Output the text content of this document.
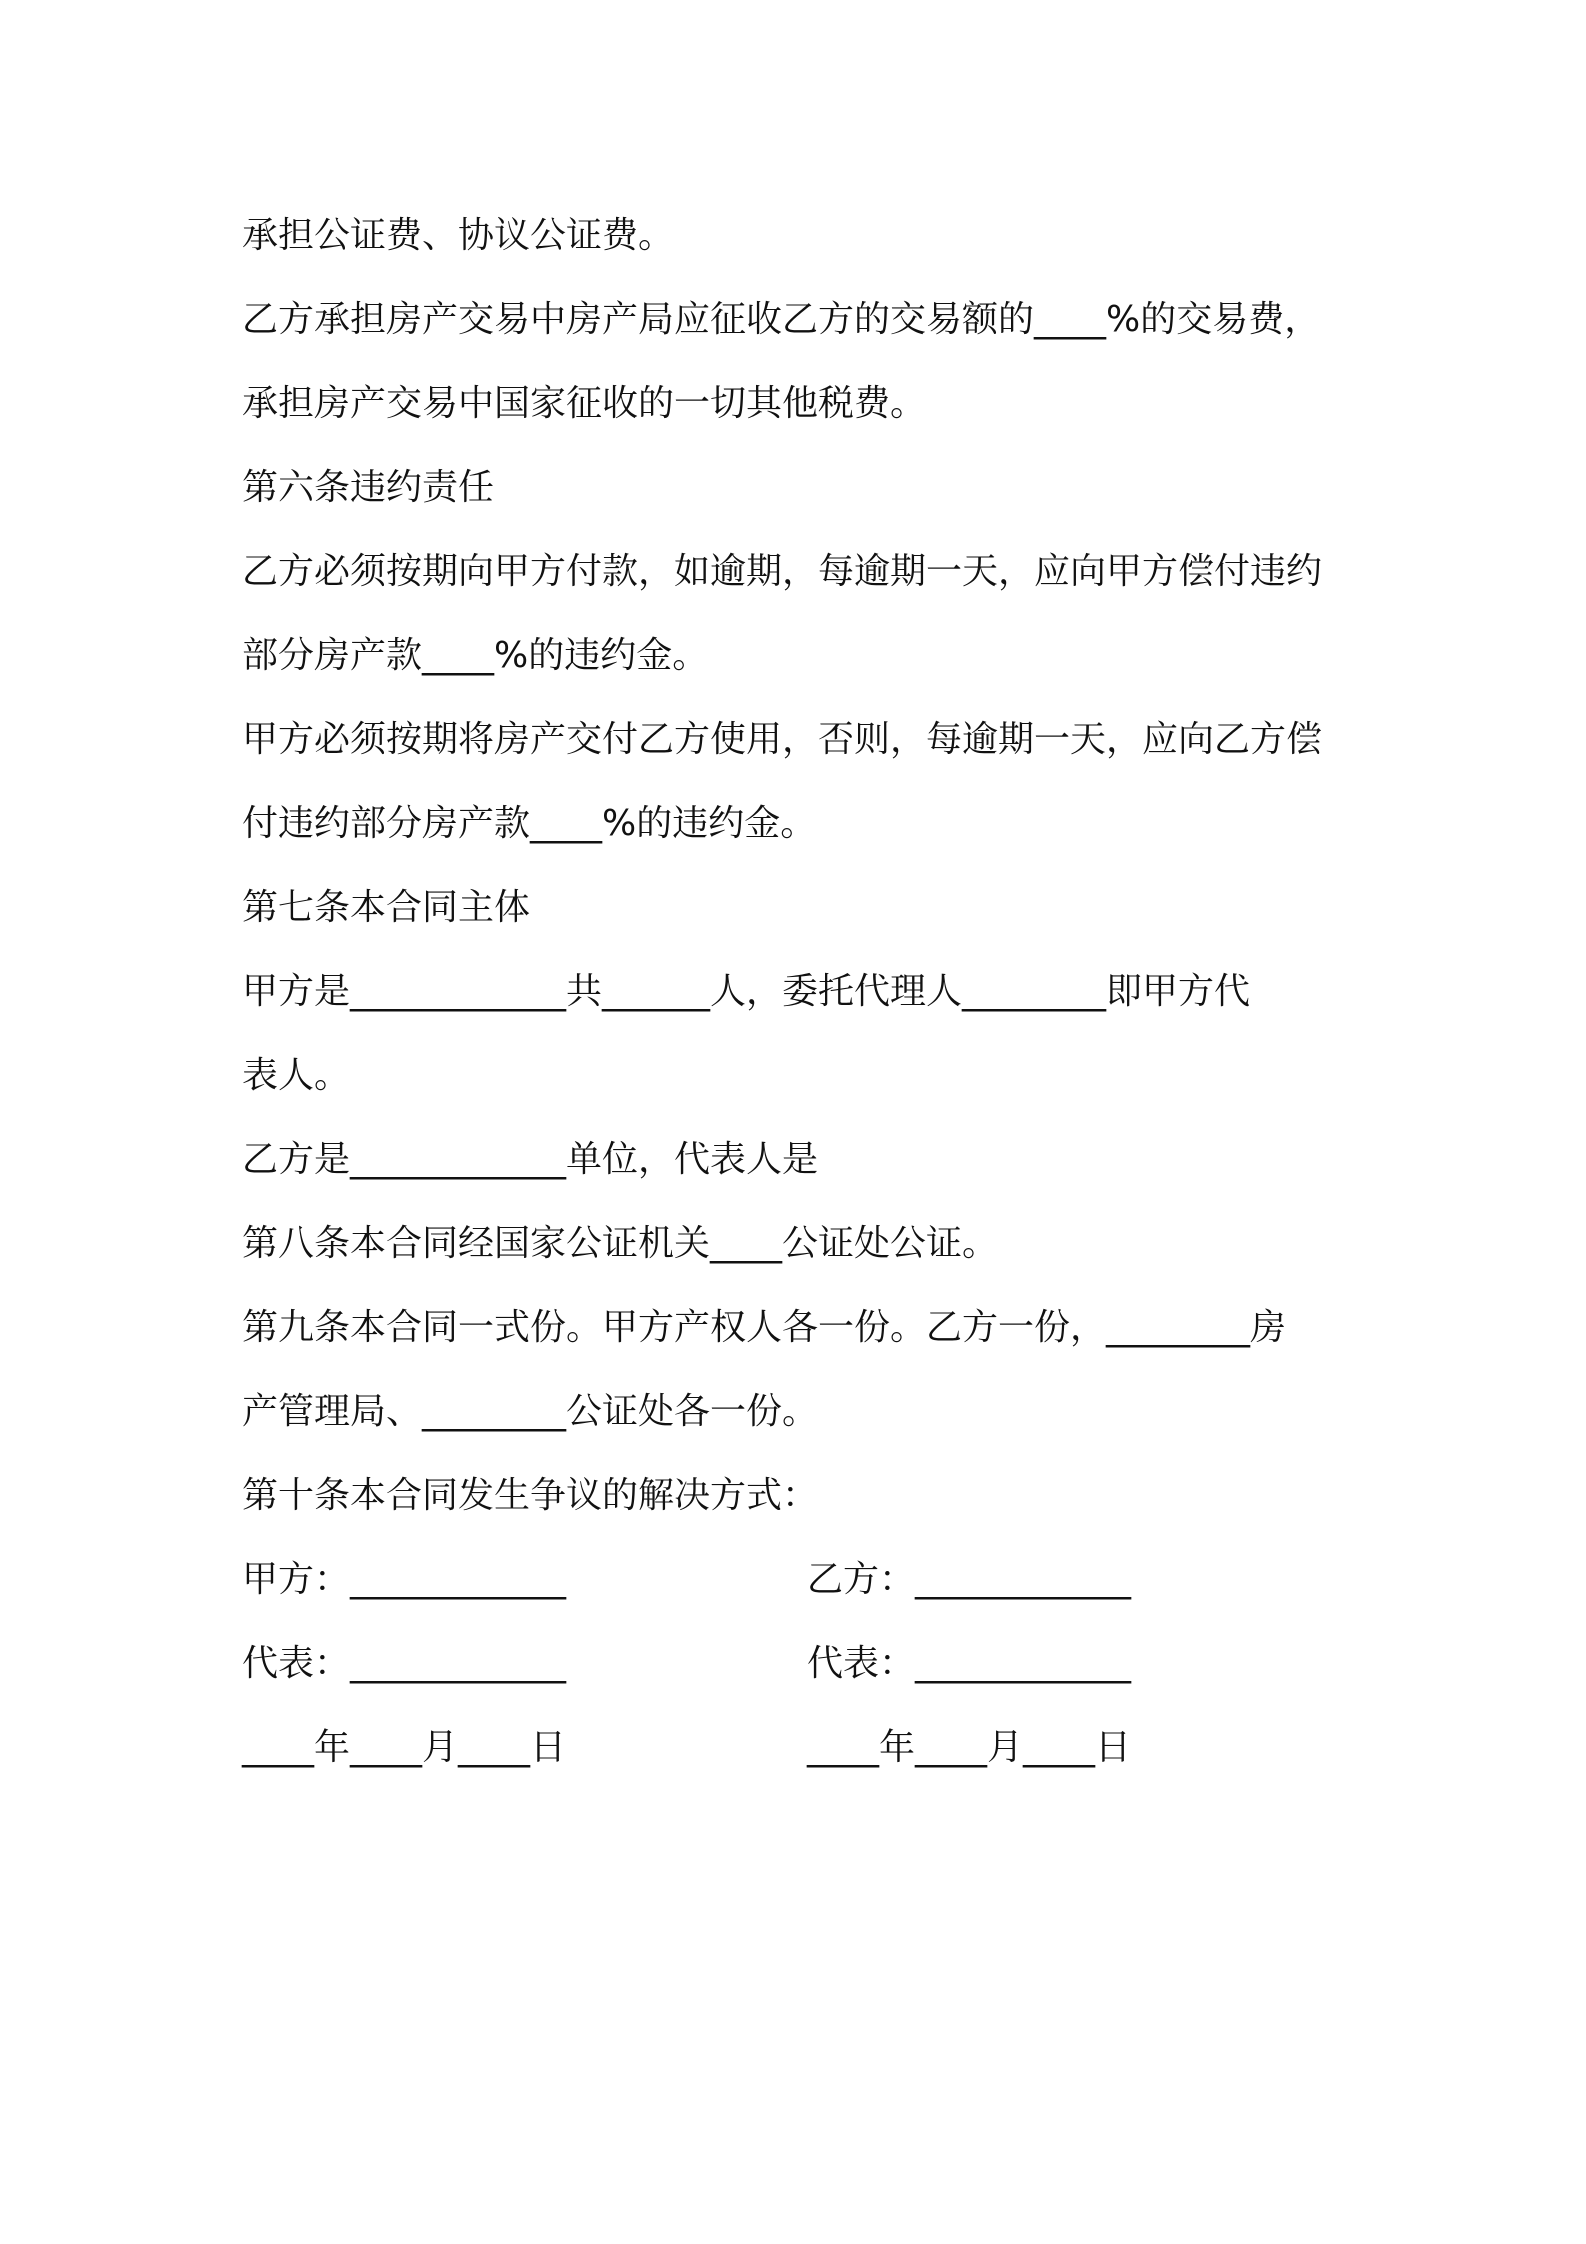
承担公证费、协议公证费。
乙方承担房产交易中房产局应征收乙方的交易额的____%的交易费，
承担房产交易中国家征收的一切其他税费。
第六条违约责任
乙方必须按期向甲方付款，如逾期，每逾期一天，应向甲方偿付违约
部分房产款____%的违约金。
甲方必须按期将房产交付乙方使用，否则，每逾期一天，应向乙方偿
付违约部分房产款____%的违约金。
第七条本合同主体
甲方是____________共______人，委托代理人________即甲方代
表人。
乙方是____________单位，代表人是
第八条本合同经国家公证机关____公证处公证。
第九条本合同一式份。甲方产权人各一份。乙方一份，________房
产管理局、________公证处各一份。
第十条本合同发生争议的解决方式：
甲方：____________	乙方：____________
代表：____________	代表：____________
____年____月____日	____年____月____日
